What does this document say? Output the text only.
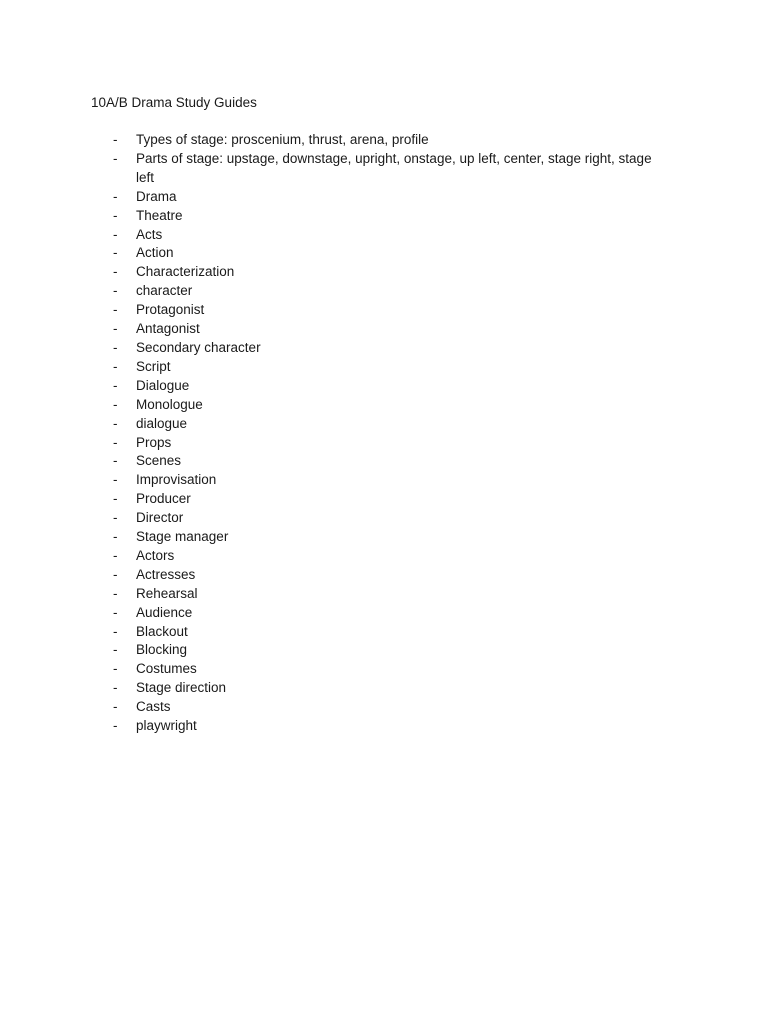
10A/B Drama Study Guides
- Types of stage: proscenium, thrust, arena, profile
- Parts of stage: upstage, downstage, upright, onstage, up left, center, stage right, stage left
- Drama
- Theatre
- Acts
- Action
- Characterization
- character
- Protagonist
- Antagonist
- Secondary character
- Script
- Dialogue
- Monologue
- dialogue
- Props
- Scenes
- Improvisation
- Producer
- Director
- Stage manager
- Actors
- Actresses
- Rehearsal
- Audience
- Blackout
- Blocking
- Costumes
- Stage direction
- Casts
- playwright
